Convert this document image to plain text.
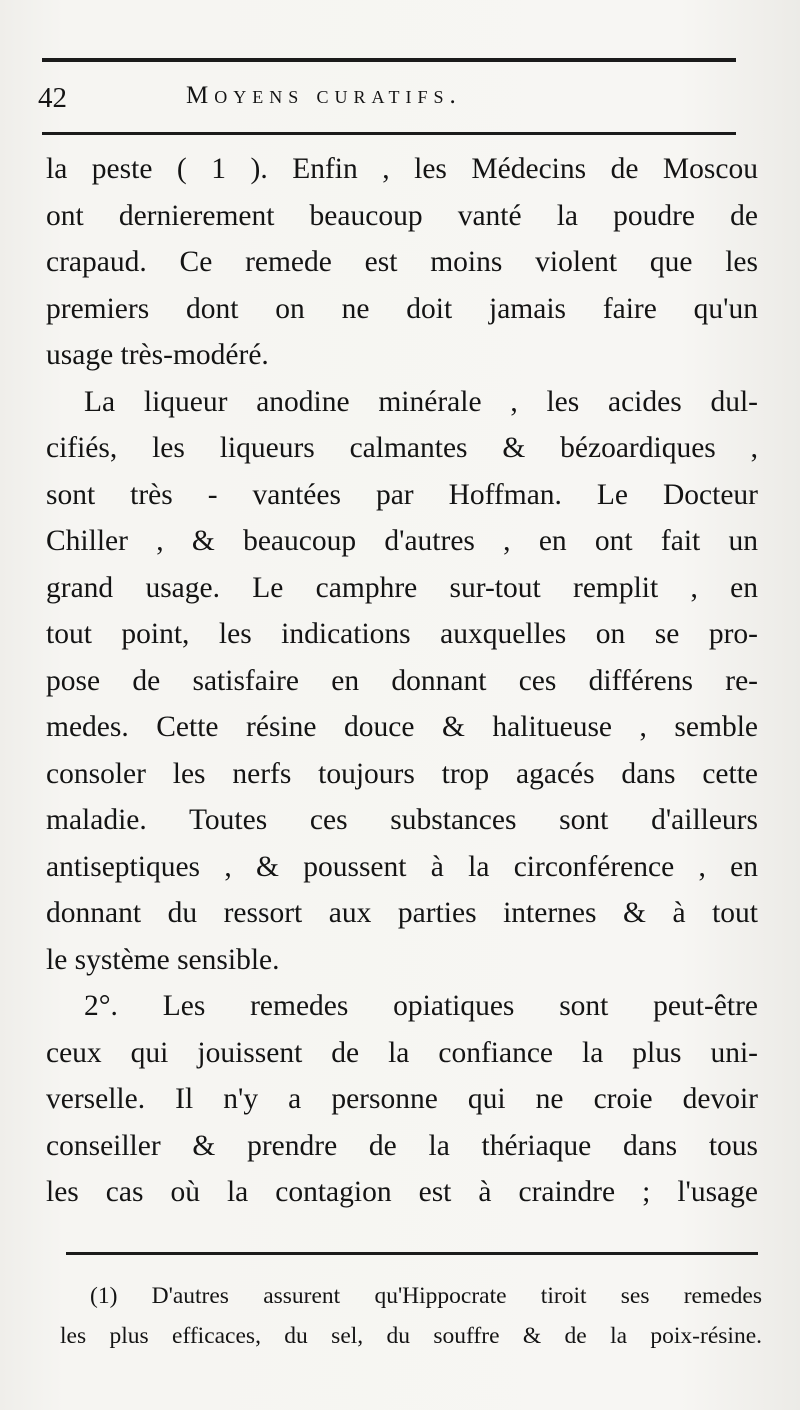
42	Moyens curatifs.
la peste ( 1 ). Enfin , les Médecins de Moscou
ont dernierement beaucoup vanté la poudre de
crapaud. Ce remede est moins violent que les
premiers dont on ne doit jamais faire qu'un
usage très-modéré.
La liqueur anodine minérale , les acides dul-
cifiés, les liqueurs calmantes & bézoardiques ,
sont très - vantées par Hoffman. Le Docteur
Chiller , & beaucoup d'autres , en ont fait un
grand usage. Le camphre sur-tout remplit , en
tout point, les indications auxquelles on se pro-
pose de satisfaire en donnant ces différens re-
medes. Cette résine douce & halitueuse , semble
consoler les nerfs toujours trop agacés dans cette
maladie. Toutes ces substances sont d'ailleurs
antiseptiques , & poussent à la circonférence , en
donnant du ressort aux parties internes & à tout
le système sensible.
2°. Les remedes opiatiques sont peut-être
ceux qui jouissent de la confiance la plus uni-
verselle. Il n'y a personne qui ne croie devoir
conseiller & prendre de la thériaque dans tous
les cas où la contagion est à craindre ; l'usage
(1) D'autres assurent qu'Hippocrate tiroit ses remedes
les plus efficaces, du sel, du souffre & de la poix-résine.
